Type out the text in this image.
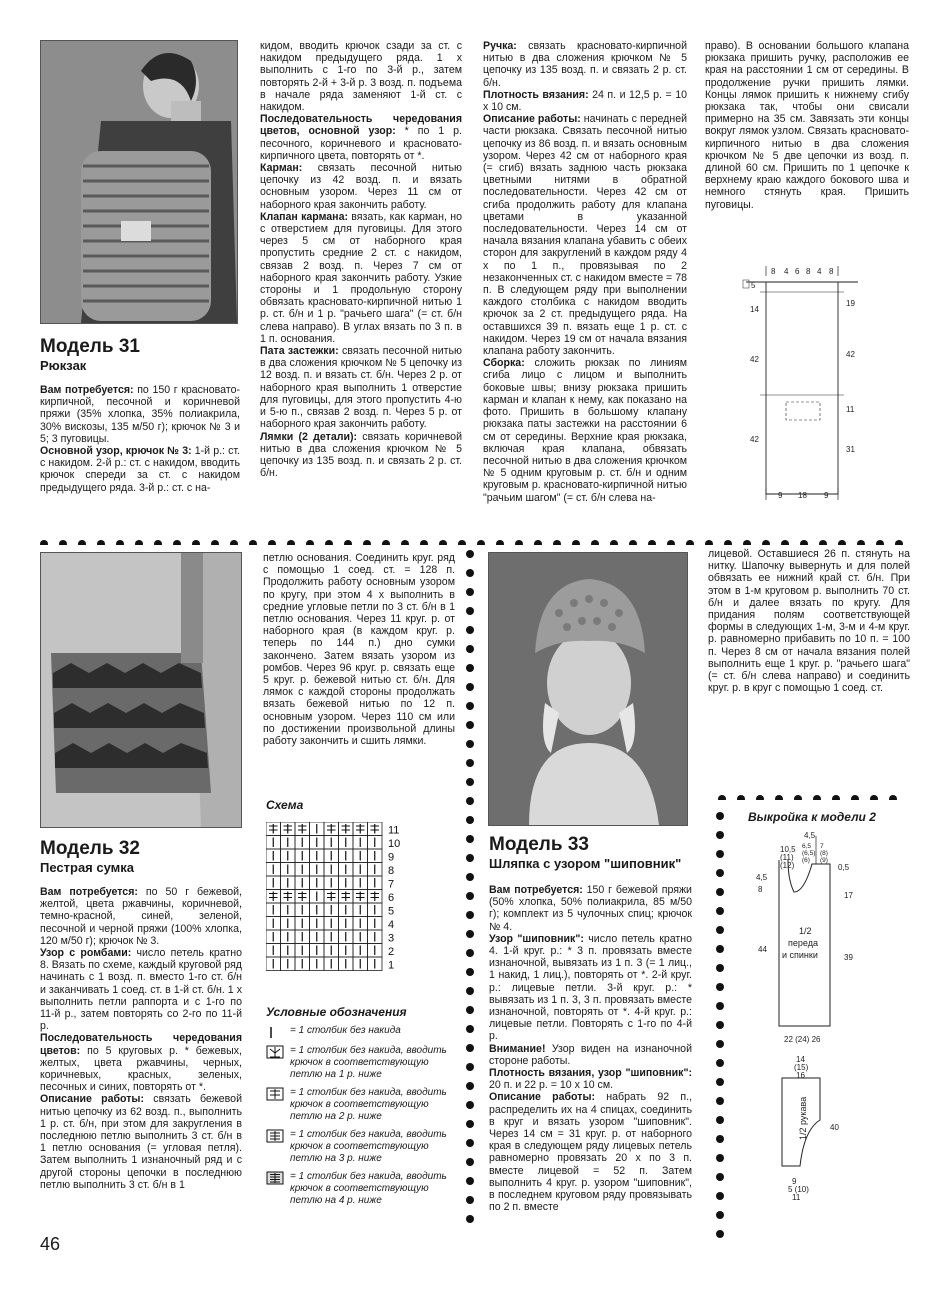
Модель 31

Рюкзак

Вам потребуется: по 150 г красновато-кирпичной, песочной и коричневой пряжи (35% хлопка, 35% полиакрила, 30% вискозы, 135 м/50 г); крючок № 3 и 5; 3 пуговицы.

Основной узор, крючок № 3: 1-й р.: ст. с накидом. 2-й р.: ст. с накидом, вводить крючок спереди за ст. с накидом предыдущего ряда. 3-й р.: ст. с на-

кидом, вводить крючок сзади за ст. с накидом предыдущего ряда. 1 х выполнить с 1-го по 3-й р., затем повторять 2-й + 3-й р. 3 возд. п. подъема в начале ряда заменяют 1-й ст. с накидом.

Последовательность чередования цветов, основной узор: * по 1 р. песочного, коричневого и красновато-кирпичного цвета, повторять от *.

Карман: связать песочной нитью цепочку из 42 возд. п. и вязать основным узором. Через 11 см от наборного края закончить работу.

Клапан кармана: вязать, как карман, но с отверстием для пуговицы. Для этого через 5 см от наборного края пропустить средние 2 ст. с накидом, связав 2 возд. п. Через 7 см от наборного края закончить работу. Узкие стороны и 1 продольную сторону обвязать красновато-кирпичной нитью 1 р. ст. б/н и 1 р. "рачьего шага" (= ст. б/н слева направо). В углах вязать по 3 п. в 1 п. основания.

Пата застежки: связать песочной нитью в два сложения крючком № 5 цепочку из 12 возд. п. и вязать ст. б/н. Через 2 р. от наборного края выполнить 1 отверстие для пуговицы, для этого пропустить 4-ю и 5-ю п., связав 2 возд. п. Через 5 р. от наборного края закончить работу.

Лямки (2 детали): связать коричневой нитью в два сложения крючком № 5 цепочку из 135 возд. п. и связать 2 р. ст. б/н.

Ручка: связать красновато-кирпичной нитью в два сложения крючком № 5 цепочку из 135 возд. п. и связать 2 р. ст. б/н.

Плотность вязания: 24 п. и 12,5 р. = 10 х 10 см.

Описание работы: начинать с передней части рюкзака. Связать песочной нитью цепочку из 86 возд. п. и вязать основным узором. Через 42 см от наборного края (= сгиб) вязать заднюю часть рюкзака цветными нитями в обратной последовательности. Через 42 см от сгиба продолжить работу для клапана цветами в указанной последовательности. Через 14 см от начала вязания клапана убавить с обеих сторон для закруглений в каждом ряду 4 х по 1 п., провязывая по 2 незаконченных ст. с накидом вместе = 78 п. В следующем ряду при выполнении каждого столбика с накидом вводить крючок за 2 ст. предыдущего ряда. На оставшихся 39 п. вязать еще 1 р. ст. с накидом. Через 19 см от начала вязания клапана работу закончить.

Сборка: сложить рюкзак по линиям сгиба лицо с лицом и выполнить боковые швы; внизу рюкзака пришить карман и клапан к нему, как показано на фото. Пришить в большому клапану рюкзака паты застежки на расстоянии 6 см от середины. Верхние края рюкзака, включая края клапана, обвязать песочной нитью в два сложения крючком № 5 одним круговым р. ст. б/н и одним круговым р. красновато-кирпичной нитью "рачьим шагом" (= ст. б/н слева на-

право). В основании большого клапана рюкзака пришить ручку, расположив ее края на расстоянии 1 см от середины. В продолжение ручки пришить лямки. Концы лямок пришить к нижнему сгибу рюкзака так, чтобы они свисали примерно на 35 см. Завязать эти концы вокруг лямок узлом. Связать красновато-кирпичного нитью в два сложения крючком № 5 две цепочки из возд. п. длиной 60 см. Пришить по 1 цепочке к верхнему краю каждого бокового шва и немного стянуть края. Пришить пуговицы.

8 4 6 8 4 8
5
14
42
42
19
42
11
31
9 18 9

Модель 32

Пестрая сумка

Вам потребуется: по 50 г бежевой, желтой, цвета ржавчины, коричневой, темно-красной, синей, зеленой, песочной и черной пряжи (100% хлопка, 120 м/50 г); крючок № 3.

Узор с ромбами: число петель кратно 8. Вязать по схеме, каждый круговой ряд начинать с 1 возд. п. вместо 1-го ст. б/н и заканчивать 1 соед. ст. в 1-й ст. б/н. 1 х выполнить петли раппорта и с 1-го по 11-й р., затем повторять со 2-го по 11-й р.

Последовательность чередования цветов: по 5 круговых р. * бежевых, желтых, цвета ржавчины, черных, коричневых, красных, зеленых, песочных и синих, повторять от *.

Описание работы: связать бежевой нитью цепочку из 62 возд. п., выполнить 1 р. ст. б/н, при этом для закругления в последнюю петлю выполнить 3 ст. б/н в 1 петлю основания (= угловая петля). Затем выполнить 1 изнаночный ряд и с другой стороны цепочки в последнюю петлю выполнить 3 ст. б/н в 1

петлю основания. Соединить круг. ряд с помощью 1 соед. ст. = 128 п. Продолжить работу основным узором по кругу, при этом 4 х выполнить в средние угловые петли по 3 ст. б/н в 1 петлю основания. Через 11 круг. р. от наборного края (в каждом круг. р. теперь по 144 п.) дно сумки закончено. Затем вязать узором из ромбов. Через 96 круг. р. связать еще 5 круг. р. бежевой нитью ст. б/н. Для лямок с каждой стороны продолжать вязать бежевой нитью по 12 п. основным узором. Через 110 см или по достижении произвольной длины работу закончить и сшить лямки.

Схема
11
10
9
8
7
6
5
4
3
2
1
Условные обозначения
= 1 столбик без накида
= 1 столбик без накида, вводить крючок в соответствующую петлю на 1 р. ниже
= 1 столбик без накида, вводить крючок в соответствующую петлю на 2 р. ниже
= 1 столбик без накида, вводить крючок в соответствующую петлю на 3 р. ниже
= 1 столбик без накида, вводить крючок в соответствующую петлю на 4 р. ниже

Модель 33

Шляпка с узором "шиповник"

Вам потребуется: 150 г бежевой пряжи (50% хлопка, 50% полиакрила, 85 м/50 г); комплект из 5 чулочных спиц; крючок № 4.

Узор "шиповник": число петель кратно 4. 1-й круг. р.: * 3 п. провязать вместе изнаночной, вывязать из 1 п. 3 (= 1 лиц., 1 накид, 1 лиц.), повторять от *. 2-й круг. р.: лицевые петли. 3-й круг. р.: * вывязать из 1 п. 3, 3 п. провязать вместе изнаночной, повторять от *. 4-й круг. р.: лицевые петли. Повторять с 1-го по 4-й р.

Внимание! Узор виден на изнаночной стороне работы.

Плотность вязания, узор "шиповник": 20 п. и 22 р. = 10 х 10 см.

Описание работы: набрать 92 п., распределить их на 4 спицах, соединить в круг и вязать узором "шиповник". Через 14 см = 31 круг. р. от наборного края в следующем ряду лицевых петель равномерно провязать 20 х по 3 п. вместе лицевой = 52 п. Затем выполнить 4 круг. р. узором "шиповник", в последнем круговом ряду провязывать по 2 п. вместе

лицевой. Оставшиеся 26 п. стянуть на нитку. Шапочку вывернуть и для полей обвязать ее нижний край ст. б/н. При этом в 1-м круговом р. выполнить 70 ст. б/н и далее вязать по кругу. Для придания полям соответствующей формы в следующих 1-м, 3-м и 4-м круг. р. равномерно прибавить по 10 п. = 100 п. Через 8 см от начала вязания полей выполнить еще 1 круг. р. "рачьего шага" (= ст. б/н слева направо) и соединить круг. р. в круг с помощью 1 соед. ст.

Выкройка к модели 2
4,5
10,5
(11)
(12)
6,5
(6,5)
(6)
7
(8)
(9)
0,5
4,5
8
17
44
1/2
переда
и спинки	39
22 (24) 26
14
(15)
16
1/2 рукава	40
9
5 (10)
11
46
